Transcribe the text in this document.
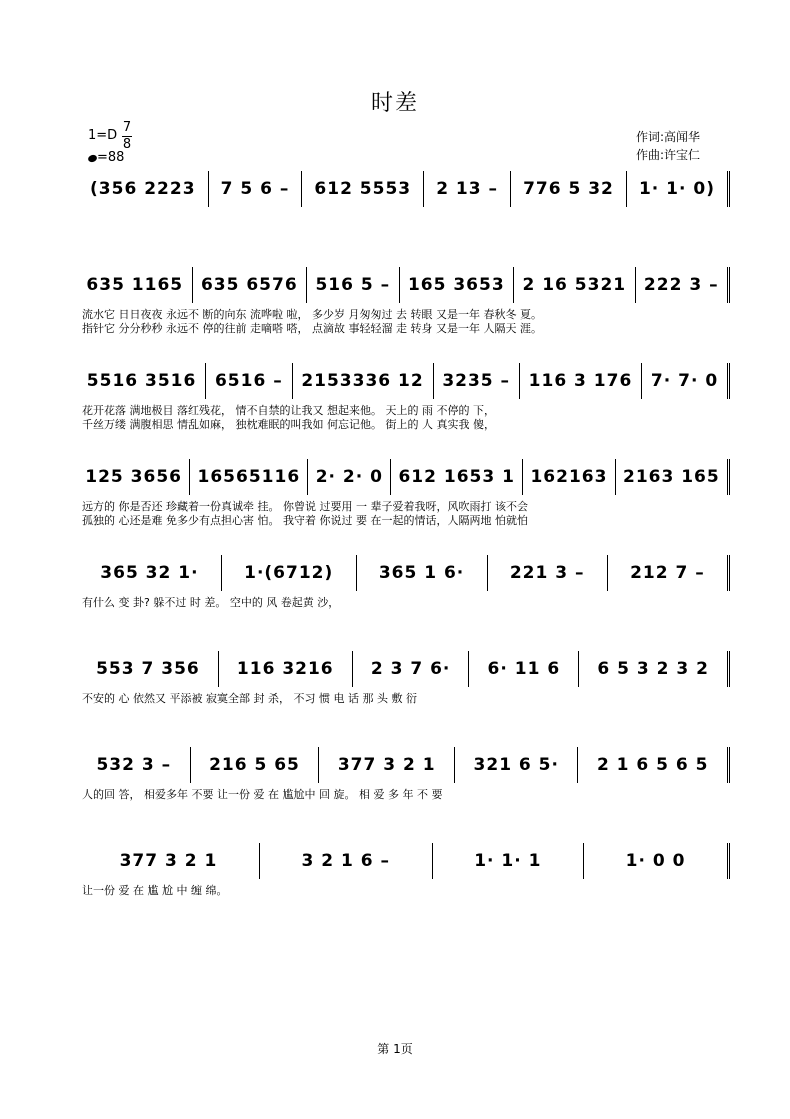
时差
1=D
7
8
=88
作词:高闻华
作曲:许宝仁
(356 2223	7 5 6 –	612 5553	2 13 –	776 5 32	1· 1· 0)
635 1165	635 6576	516 5 –	165 3653	2 16 5321	222 3 –
流水它 日日夜夜 永远不 断的向东 流哗啦 啦， 多少岁 月匆匆过 去 转眼 又是一年 春秋冬 夏。
指针它 分分秒秒 永远不 停的往前 走嘀嗒 嗒， 点滴故 事轻轻溜 走 转身 又是一年 人隔天 涯。
5516 3516	6516 –	2153336 12	3235 –	116 3 176	7· 7· 0
花开花落 满地极目 落红残花， 情不自禁的让我又 想起来他。 天上的 雨 不停的 下，
千丝万缕 满腹相思 情乱如麻， 独枕难眠的叫我如 何忘记他。 街上的 人 真实我 傻，
125 3656 16565116 2· 2· 0 612 1653 1 162163 2163 165
远方的 你是否还 珍藏着一份真诚牵 挂。 你曾说 过要用 一 辈子爱着我呀，风吹雨打 该不会
孤独的 心还是难 免多少有点担心害 怕。 我守着 你说过 要 在一起的情话，人隔两地 怕就怕
365 32 1·	1·(6712)	365 1 6·	221 3 –	212 7 –
有什么 变 卦? 躲不过 时 差。 空中的 风 卷起黄 沙，
553 7 356	116 3216	2 3 7 6·	6· 11 6	6 5 3 2 3 2
不安的 心 依然又 平添被 寂寞全部 封 杀， 不习 惯 电 话 那 头 敷 衍
532 3 –	216 5 65	377 3 2 1	321 6 5·	2 1 6 5 6 5
人的回 答， 相爱多年 不要 让一份 爱 在 尴尬中 回 旋。 相 爱 多 年 不 要
377 3 2 1	3 2 1 6 –	1· 1· 1	1· 0 0
让一份 爱 在 尴 尬 中 缠 绵。
第 1页
